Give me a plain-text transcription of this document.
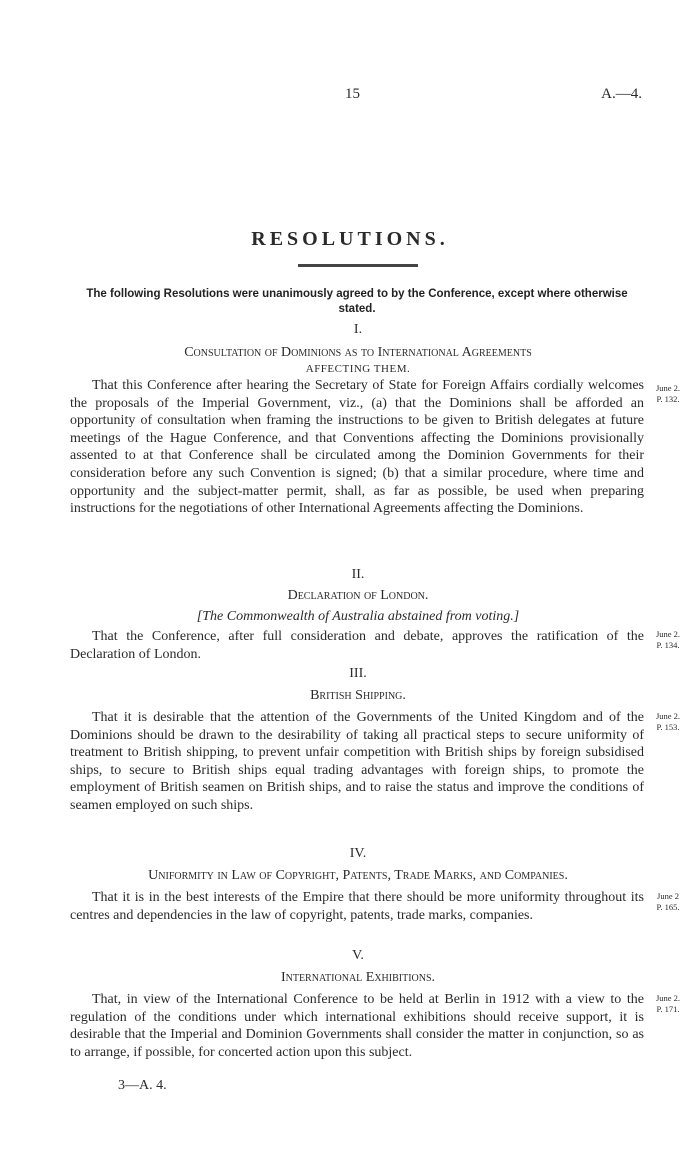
15	A.—4.
RESOLUTIONS.
The following Resolutions were unanimously agreed to by the Conference, except where otherwise stated.
I.
Consultation of Dominions as to International Agreements
AFFECTING THEM.
That this Conference after hearing the Secretary of State for Foreign Affairs cordially welcomes the proposals of the Imperial Government, viz., (a) that the Dominions shall be afforded an opportunity of consultation when framing the instructions to be given to British delegates at future meetings of the Hague Conference, and that Conventions affecting the Dominions provisionally assented to at that Conference shall be circulated among the Dominion Governments for their consideration before any such Convention is signed; (b) that a similar procedure, where time and opportunity and the subject-matter permit, shall, as far as possible, be used when preparing instructions for the negotiations of other International Agreements affecting the Dominions.
June 2.
P. 132.
II.
Declaration of London.
[The Commonwealth of Australia abstained from voting.]
That the Conference, after full consideration and debate, approves the ratification of the Declaration of London.
June 2.
P. 134.
III.
British Shipping.
That it is desirable that the attention of the Governments of the United Kingdom and of the Dominions should be drawn to the desirability of taking all practical steps to secure uniformity of treatment to British shipping, to prevent unfair competition with British ships by foreign subsidised ships, to secure to British ships equal trading advantages with foreign ships, to promote the employment of British seamen on British ships, and to raise the status and improve the conditions of seamen employed on such ships.
June 2.
P. 153.
IV.
Uniformity in Law of Copyright, Patents, Trade Marks, and Companies.
That it is in the best interests of the Empire that there should be more uniformity throughout its centres and dependencies in the law of copyright, patents, trade marks, companies.
June 2
P. 165.
V.
International Exhibitions.
That, in view of the International Conference to be held at Berlin in 1912 with a view to the regulation of the conditions under which international exhibitions should receive support, it is desirable that the Imperial and Dominion Governments shall consider the matter in conjunction, so as to arrange, if possible, for concerted action upon this subject.
June 2.
P. 171.
3—A. 4.
